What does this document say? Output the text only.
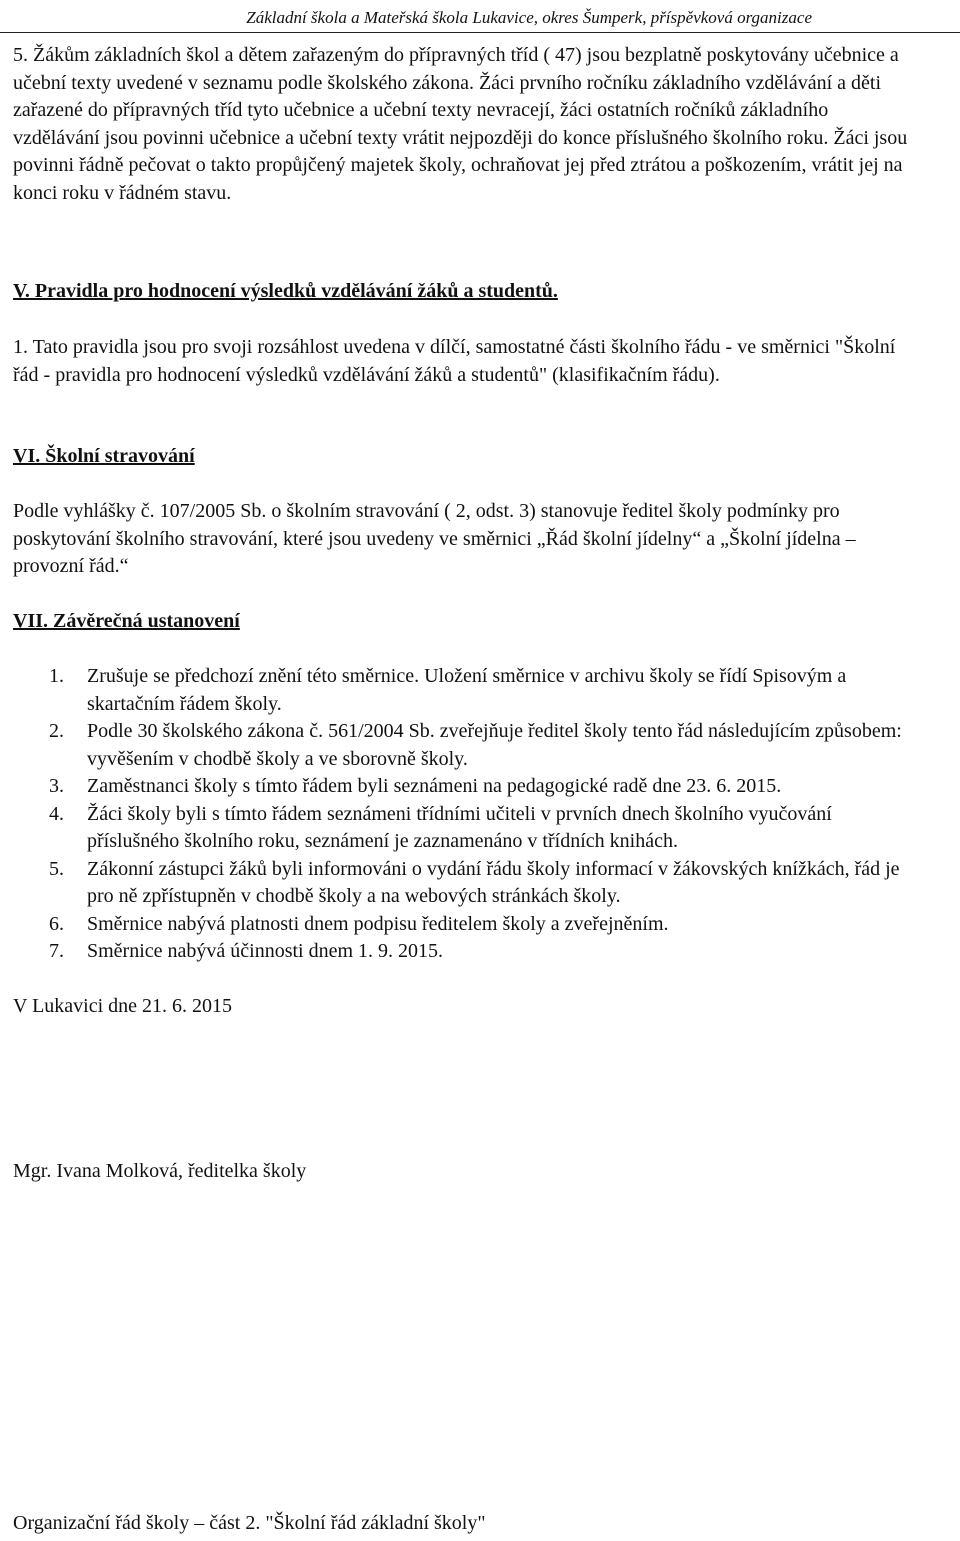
Základní škola a Mateřská škola Lukavice, okres Šumperk, příspěvková organizace
5. Žákům základních škol a dětem zařazeným do přípravných tříd ( 47) jsou bezplatně poskytovány učebnice a učební texty uvedené v seznamu podle školského zákona. Žáci prvního ročníku základního vzdělávání a děti zařazené do přípravných tříd tyto učebnice a učební texty nevracejí, žáci ostatních ročníků základního vzdělávání jsou povinni učebnice a učební texty vrátit nejpozději do konce příslušného školního roku. Žáci jsou povinni řádně pečovat o takto propůjčený majetek školy, ochraňovat jej před ztrátou a poškozením, vrátit jej na konci roku v řádném stavu.
V. Pravidla pro hodnocení výsledků vzdělávání žáků a studentů.
1. Tato pravidla jsou pro svoji rozsáhlost uvedena v dílčí, samostatné části školního řádu - ve směrnici "Školní řád - pravidla pro hodnocení výsledků vzdělávání žáků a studentů" (klasifikačním řádu).
VI. Školní stravování
Podle vyhlášky č. 107/2005 Sb. o školním stravování ( 2, odst. 3) stanovuje ředitel školy podmínky pro poskytování školního stravování, které jsou uvedeny ve směrnici „Řád školní jídelny“ a „Školní jídelna – provozní řád.“
VII. Závěrečná ustanovení
1. Zrušuje se předchozí znění této směrnice. Uložení směrnice v archivu školy se řídí Spisovým a skartačním řádem školy.
2. Podle 30 školského zákona č. 561/2004 Sb. zveřejňuje ředitel školy tento řád následujícím způsobem: vyvěšením v chodbě školy a ve sborovně školy.
3. Zaměstnanci školy s tímto řádem byli seznámeni na pedagogické radě dne 23. 6. 2015.
4. Žáci školy byli s tímto řádem seznámeni třídními učiteli v prvních dnech školního vyučování příslušného školního roku, seznámení je zaznamenáno v třídních knihách.
5. Zákonní zástupci žáků byli informováni o vydání řádu školy informací v žákovských knížkách, řád je pro ně zpřístupněn v chodbě školy a na webových stránkách školy.
6. Směrnice nabývá platnosti dnem podpisu ředitelem školy a zveřejněním.
7. Směrnice nabývá účinnosti dnem 1. 9. 2015.
V Lukavici dne 21. 6. 2015
Mgr. Ivana Molková, ředitelka školy
Organizační řád školy – část 2. "Školní řád základní školy"
